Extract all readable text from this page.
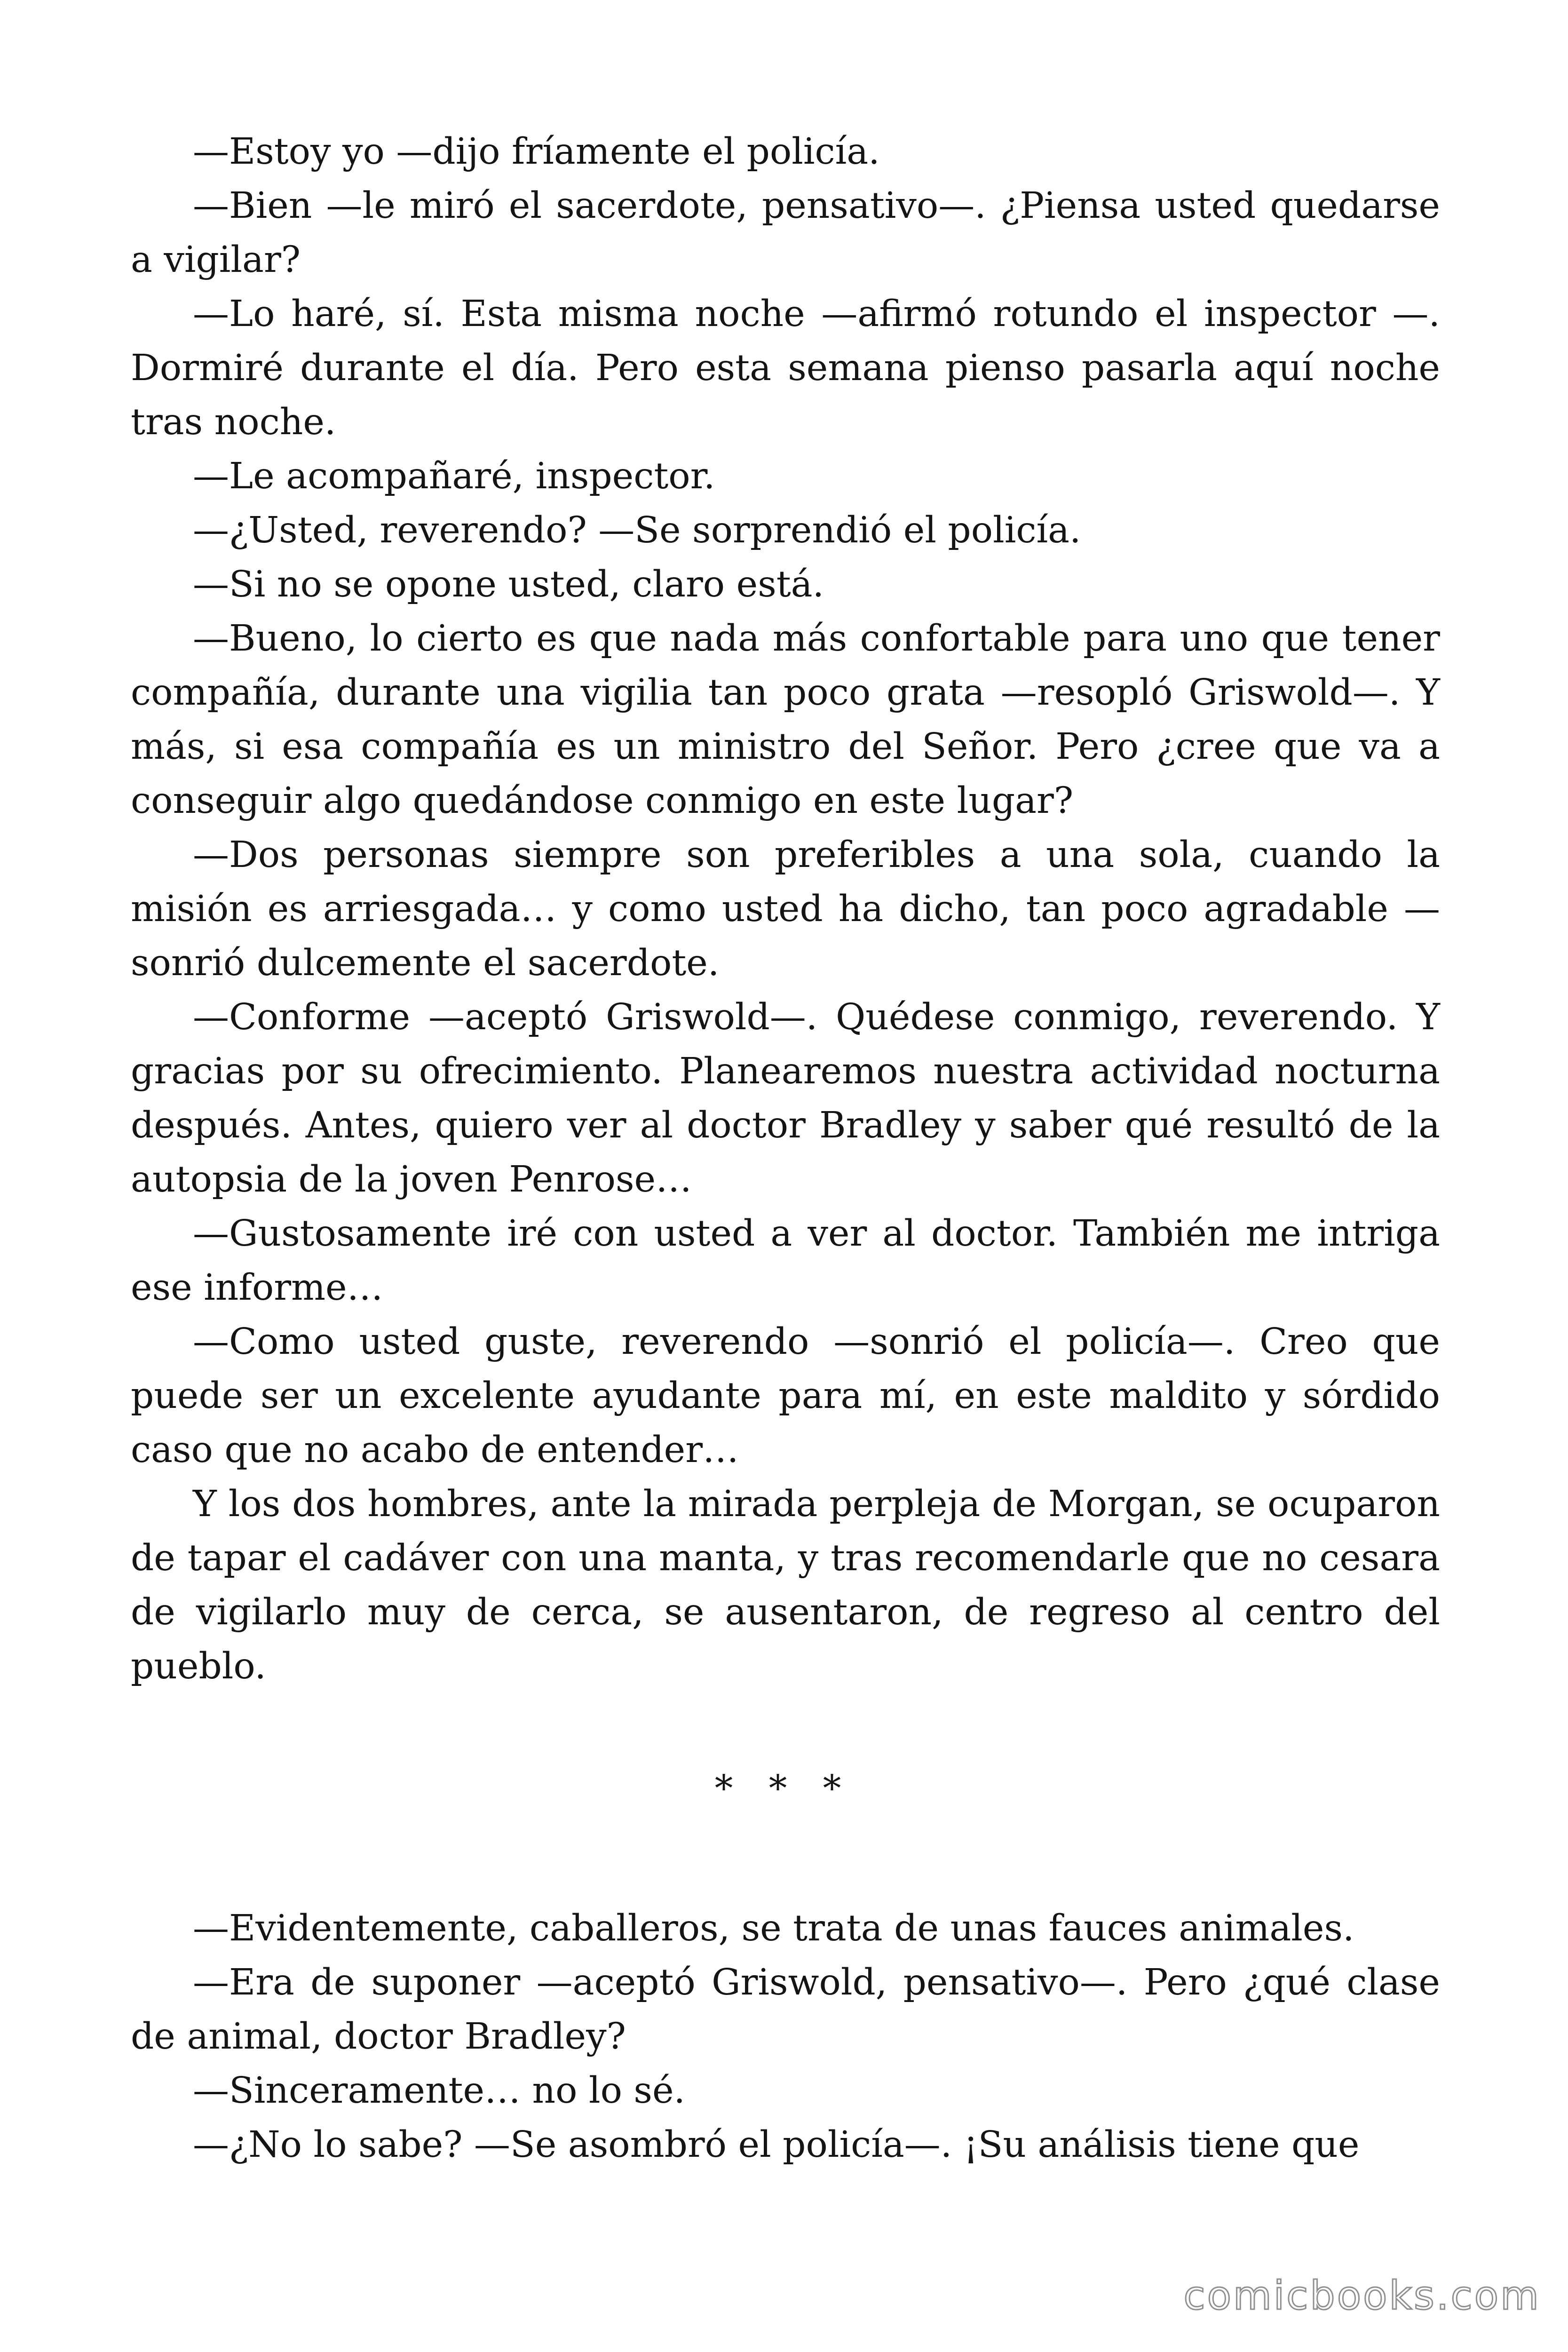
—Estoy yo —dijo fríamente el policía.

—Bien —le miró el sacerdote, pensativo—. ¿Piensa usted quedarse a vigilar?

—Lo haré, sí. Esta misma noche —afirmó rotundo el inspector —. Dormiré durante el día. Pero esta semana pienso pasarla aquí noche tras noche.

—Le acompañaré, inspector.

—¿Usted, reverendo? —Se sorprendió el policía.

—Si no se opone usted, claro está.

—Bueno, lo cierto es que nada más confortable para uno que tener compañía, durante una vigilia tan poco grata —resopló Griswold—. Y más, si esa compañía es un ministro del Señor. Pero ¿cree que va a conseguir algo quedándose conmigo en este lugar?

—Dos personas siempre son preferibles a una sola, cuando la misión es arriesgada… y como usted ha dicho, tan poco agradable —sonrió dulcemente el sacerdote.

—Conforme —aceptó Griswold—. Quédese conmigo, reverendo. Y gracias por su ofrecimiento. Planearemos nuestra actividad nocturna después. Antes, quiero ver al doctor Bradley y saber qué resultó de la autopsia de la joven Penrose…

—Gustosamente iré con usted a ver al doctor. También me intriga ese informe…

—Como usted guste, reverendo —sonrió el policía—. Creo que puede ser un excelente ayudante para mí, en este maldito y sórdido caso que no acabo de entender…

Y los dos hombres, ante la mirada perpleja de Morgan, se ocuparon de tapar el cadáver con una manta, y tras recomendarle que no cesara de vigilarlo muy de cerca, se ausentaron, de regreso al centro del pueblo.

* * *

—Evidentemente, caballeros, se trata de unas fauces animales.

—Era de suponer —aceptó Griswold, pensativo—. Pero ¿qué clase de animal, doctor Bradley?

—Sinceramente… no lo sé.

—¿No lo sabe? —Se asombró el policía—. ¡Su análisis tiene que

comicbooks.com
